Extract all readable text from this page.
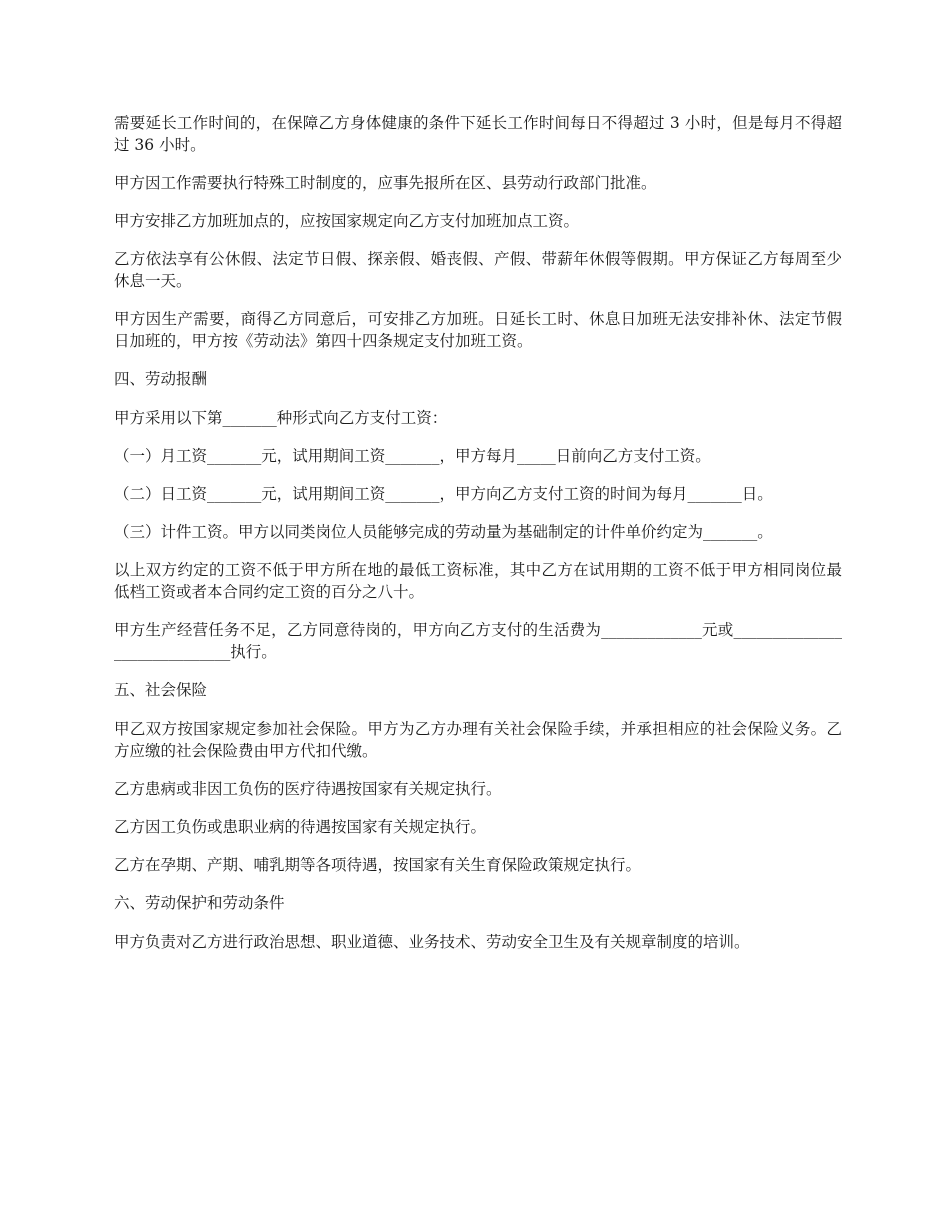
需要延长工作时间的，在保障乙方身体健康的条件下延长工作时间每日不得超过 3 小时，但是每月不得超过 36 小时。

甲方因工作需要执行特殊工时制度的，应事先报所在区、县劳动行政部门批准。

甲方安排乙方加班加点的，应按国家规定向乙方支付加班加点工资。

乙方依法享有公休假、法定节日假、探亲假、婚丧假、产假、带薪年休假等假期。甲方保证乙方每周至少休息一天。

甲方因生产需要，商得乙方同意后，可安排乙方加班。日延长工时、休息日加班无法安排补休、法定节假日加班的，甲方按《劳动法》第四十四条规定支付加班工资。

四、劳动报酬

甲方采用以下第_______种形式向乙方支付工资：

（一）月工资_______元，试用期间工资_______，甲方每月_____日前向乙方支付工资。

（二）日工资_______元，试用期间工资_______，甲方向乙方支付工资的时间为每月_______日。

（三）计件工资。甲方以同类岗位人员能够完成的劳动量为基础制定的计件单价约定为_______。

以上双方约定的工资不低于甲方所在地的最低工资标准，其中乙方在试用期的工资不低于甲方相同岗位最低档工资或者本合同约定工资的百分之八十。

甲方生产经营任务不足，乙方同意待岗的，甲方向乙方支付的生活费为_____________元或_____________________________执行。

五、社会保险

甲乙双方按国家规定参加社会保险。甲方为乙方办理有关社会保险手续，并承担相应的社会保险义务。乙方应缴的社会保险费由甲方代扣代缴。

乙方患病或非因工负伤的医疗待遇按国家有关规定执行。

乙方因工负伤或患职业病的待遇按国家有关规定执行。

乙方在孕期、产期、哺乳期等各项待遇，按国家有关生育保险政策规定执行。

六、劳动保护和劳动条件

甲方负责对乙方进行政治思想、职业道德、业务技术、劳动安全卫生及有关规章制度的培训。
